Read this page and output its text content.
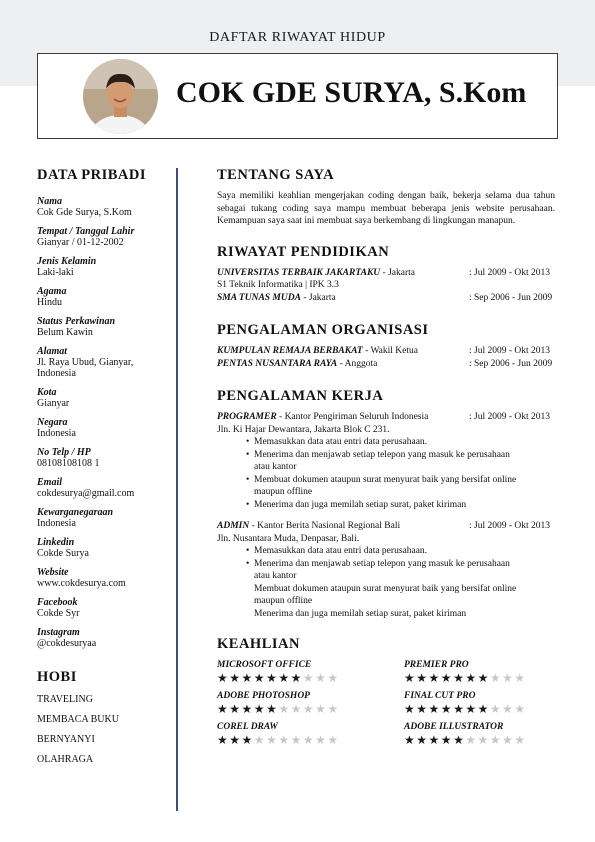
DAFTAR RIWAYAT HIDUP
COK GDE SURYA, S.Kom
DATA PRIBADI
Nama
Cok Gde Surya, S.Kom
Tempat / Tanggal Lahir
Gianyar / 01-12-2002
Jenis Kelamin
Laki-laki
Agama
Hindu
Status Perkawinan
Belum Kawin
Alamat
Jl. Raya Ubud, Gianyar,
Indonesia
Kota
Gianyar
Negara
Indonesia
No Telp / HP
08108108108 1
Email
cokdesurya@gmail.com
Kewarganegaraan
Indonesia
Linkedin
Cokde Surya
Website
www.cokdesurya.com
Facebook
Cokde Syr
Instagram
@cokdesuryaa
HOBI
TRAVELING
MEMBACA BUKU
BERNYANYI
OLAHRAGA
TENTANG SAYA
Saya memiliki keahlian mengerjakan coding dengan baik, bekerja selama dua tahun sebagai tukang coding saya mampu membuat beberapa jenis website perusahaan. Kemampuan saya saat ini membuat saya berkembang di lingkungan manapun.
RIWAYAT PENDIDIKAN
UNIVERSITAS TERBAIK JAKARTAKU - Jakarta	: Jul 2009 - Okt 2013
S1 Teknik Informatika | IPK 3.3
SMA TUNAS MUDA - Jakarta	: Sep 2006 - Jun 2009
PENGALAMAN ORGANISASI
KUMPULAN REMAJA BERBAKAT - Wakil Ketua	: Jul 2009 - Okt 2013
PENTAS NUSANTARA RAYA - Anggota	: Sep 2006 - Jun 2009
PENGALAMAN KERJA
PROGRAMER - Kantor Pengiriman Seluruh Indonesia	: Jul 2009 - Okt 2013
Jln. Ki Hajar Dewantara, Jakarta Blok C 231.
• Memasukkan data atau entri data perusahaan.
• Menerima dan menjawab setiap telepon yang masuk ke perusahaan
atau kantor
• Membuat dokumen ataupun surat menyurat baik yang bersifat online
maupun offline
• Menerima dan juga memilah setiap surat, paket kiriman
ADMIN - Kantor Berita Nasional Regional Bali	: Jul 2009 - Okt 2013
Jln. Nusantara Muda, Denpasar, Bali.
• Memasukkan data atau entri data perusahaan.
• Menerima dan menjawab setiap telepon yang masuk ke perusahaan
atau kantor
Membuat dokumen ataupun surat menyurat baik yang bersifat online
maupun offline
Menerima dan juga memilah setiap surat, paket kiriman
KEAHLIAN
MICROSOFT OFFICE
★★★★★★★★★★
PREMIER PRO
★★★★★★★★★★
ADOBE PHOTOSHOP
★★★★★★★★★★
FINAL CUT PRO
★★★★★★★★★★
COREL DRAW
★★★★★★★★★★
ADOBE ILLUSTRATOR
★★★★★★★★★★
